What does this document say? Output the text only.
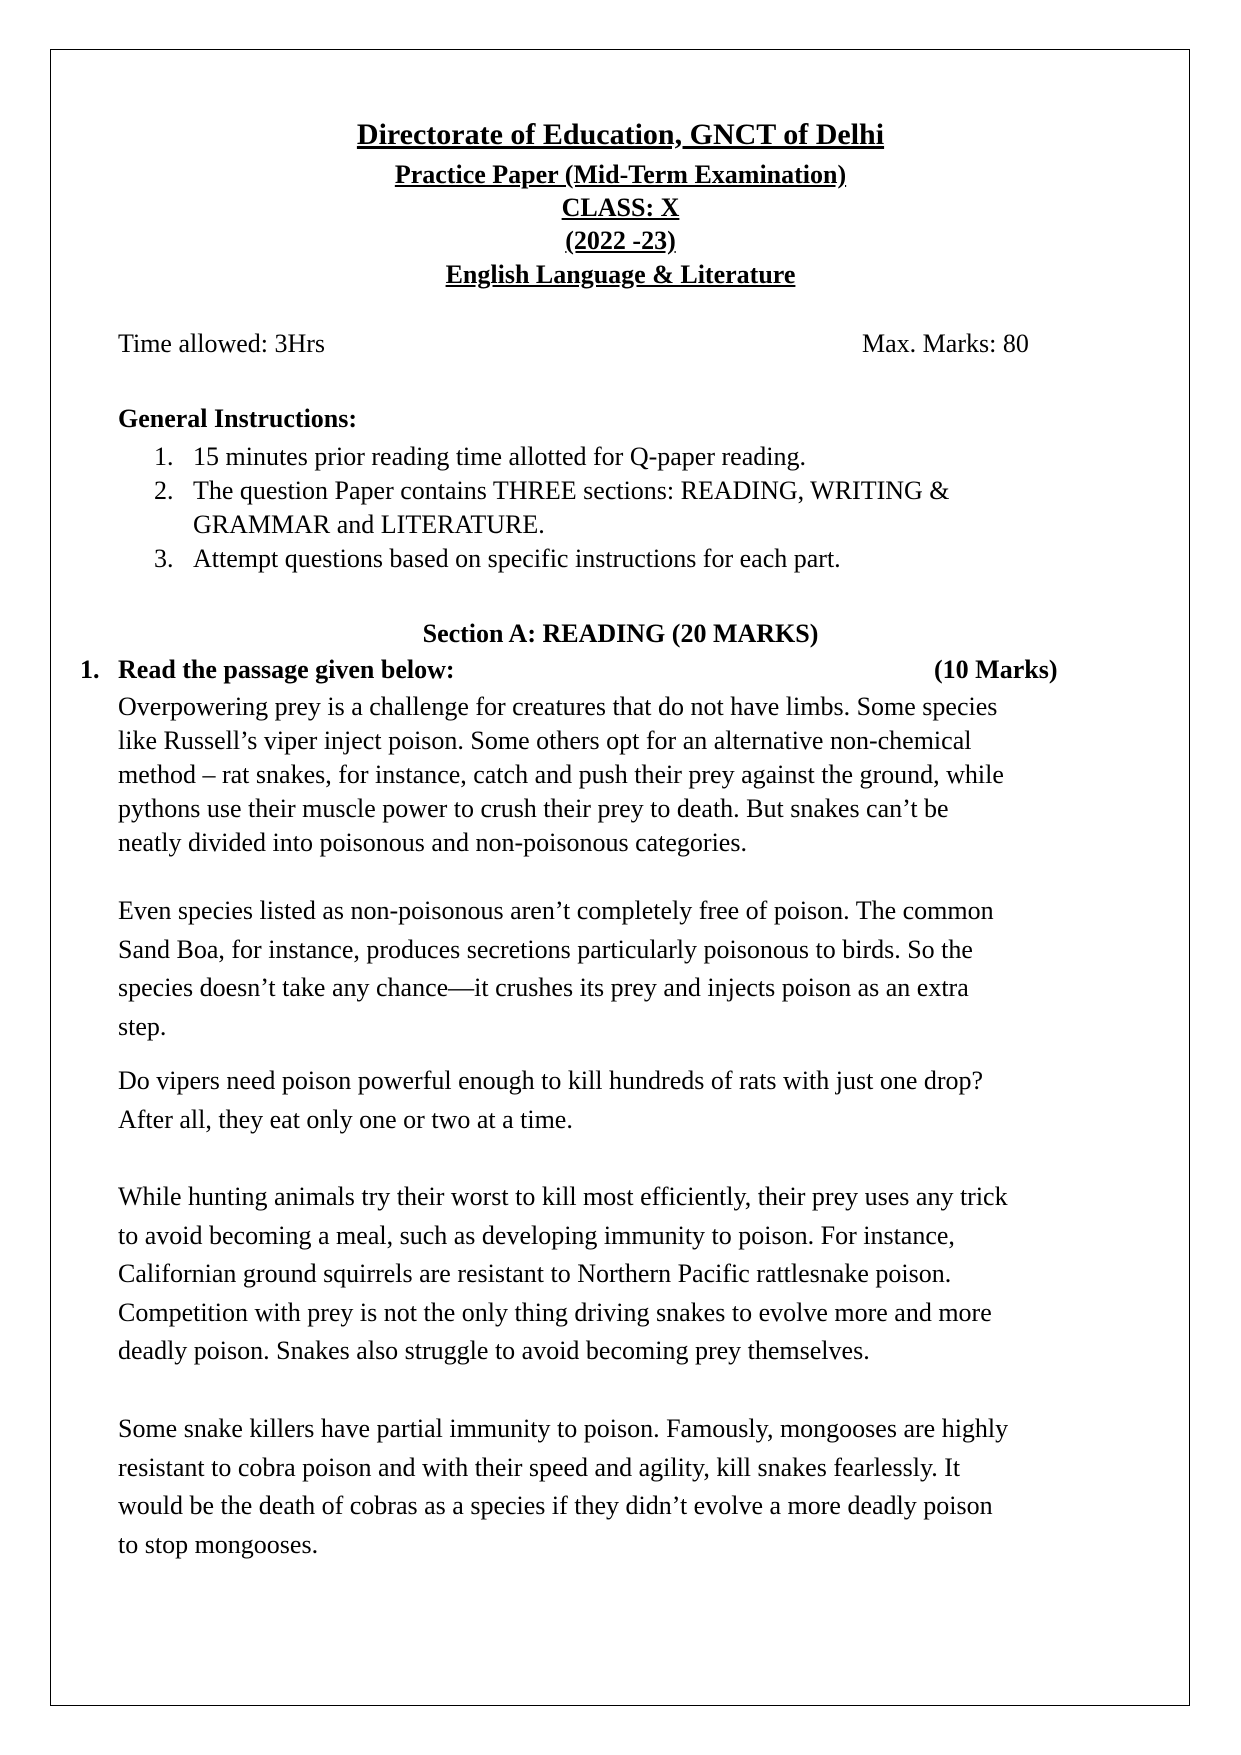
Directorate of Education, GNCT of Delhi
Practice Paper (Mid-Term Examination)
CLASS: X
(2022 -23)
English Language & Literature
Time allowed: 3Hrs	Max. Marks: 80
General Instructions:
1. 15 minutes prior reading time allotted for Q-paper reading.
2. The question Paper contains THREE sections: READING, WRITING &
GRAMMAR and LITERATURE.
3. Attempt questions based on specific instructions for each part.
Section A: READING (20 MARKS)
1. Read the passage given below:	(10 Marks)
Overpowering prey is a challenge for creatures that do not have limbs. Some species
like Russell’s viper inject poison. Some others opt for an alternative non-chemical
method – rat snakes, for instance, catch and push their prey against the ground, while
pythons use their muscle power to crush their prey to death. But snakes can’t be
neatly divided into poisonous and non-poisonous categories.
Even species listed as non-poisonous aren’t completely free of poison. The common
Sand Boa, for instance, produces secretions particularly poisonous to birds. So the
species doesn’t take any chance—it crushes its prey and injects poison as an extra
step.
Do vipers need poison powerful enough to kill hundreds of rats with just one drop?
After all, they eat only one or two at a time.
While hunting animals try their worst to kill most efficiently, their prey uses any trick
to avoid becoming a meal, such as developing immunity to poison. For instance,
Californian ground squirrels are resistant to Northern Pacific rattlesnake poison.
Competition with prey is not the only thing driving snakes to evolve more and more
deadly poison. Snakes also struggle to avoid becoming prey themselves.
Some snake killers have partial immunity to poison. Famously, mongooses are highly
resistant to cobra poison and with their speed and agility, kill snakes fearlessly. It
would be the death of cobras as a species if they didn’t evolve a more deadly poison
to stop mongooses.
